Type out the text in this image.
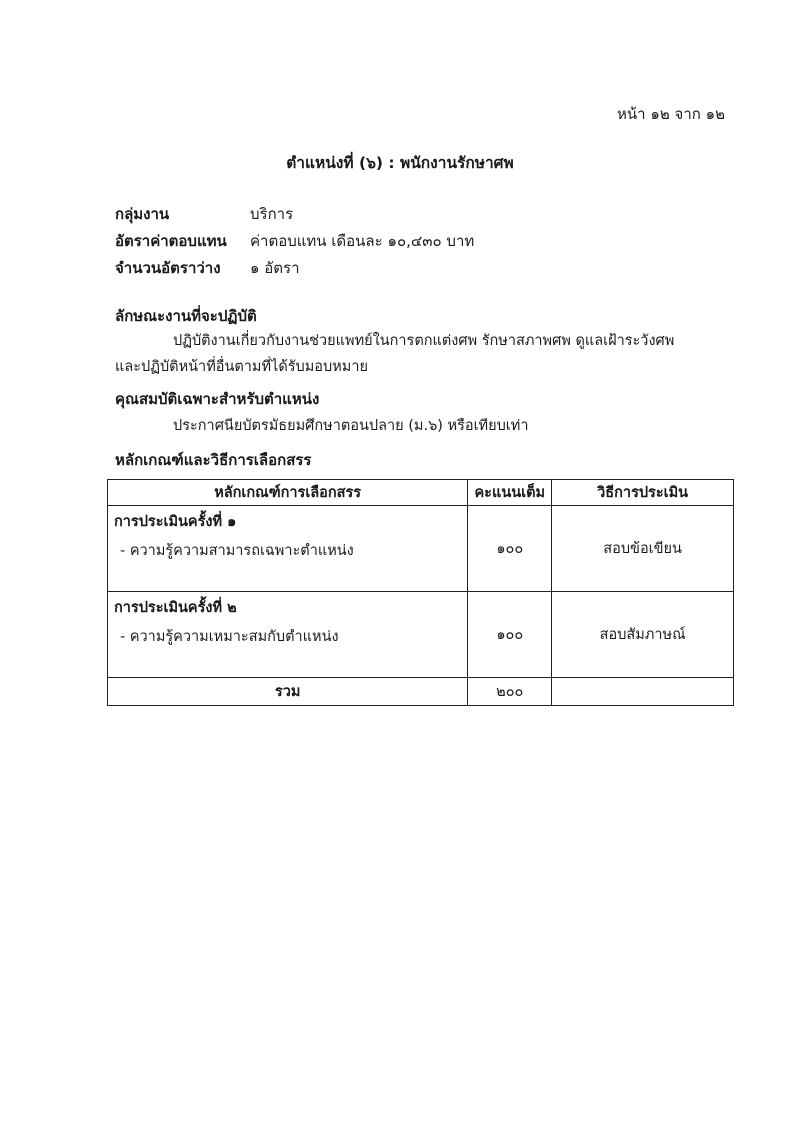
หน้า ๑๒ จาก ๑๒
ตำแหน่งที่ (๖) : พนักงานรักษาศพ
กลุ่มงาน	บริการ
อัตราค่าตอบแทน ค่าตอบแทน เดือนละ ๑๐,๔๓๐ บาท
จำนวนอัตราว่าง ๑ อัตรา
ลักษณะงานที่จะปฏิบัติ
ปฏิบัติงานเกี่ยวกับงานช่วยแพทย์ในการตกแต่งศพ รักษาสภาพศพ ดูแลเฝ้าระวังศพ
และปฏิบัติหน้าที่อื่นตามที่ได้รับมอบหมาย
คุณสมบัติเฉพาะสำหรับตำแหน่ง
ประกาศนียบัตรมัธยมศึกษาตอนปลาย (ม.๖) หรือเทียบเท่า
หลักเกณฑ์และวิธีการเลือกสรร
หลักเกณฑ์การเลือกสรร	คะแนนเต็ม	วิธีการประเมิน

การประเมินครั้งที่ ๑
- ความรู้ความสามารถเฉพาะตำแหน่ง	๑๐๐	สอบข้อเขียน

การประเมินครั้งที่ ๒
- ความรู้ความเหมาะสมกับตำแหน่ง	๑๐๐	สอบสัมภาษณ์
รวม	๒๐๐	
